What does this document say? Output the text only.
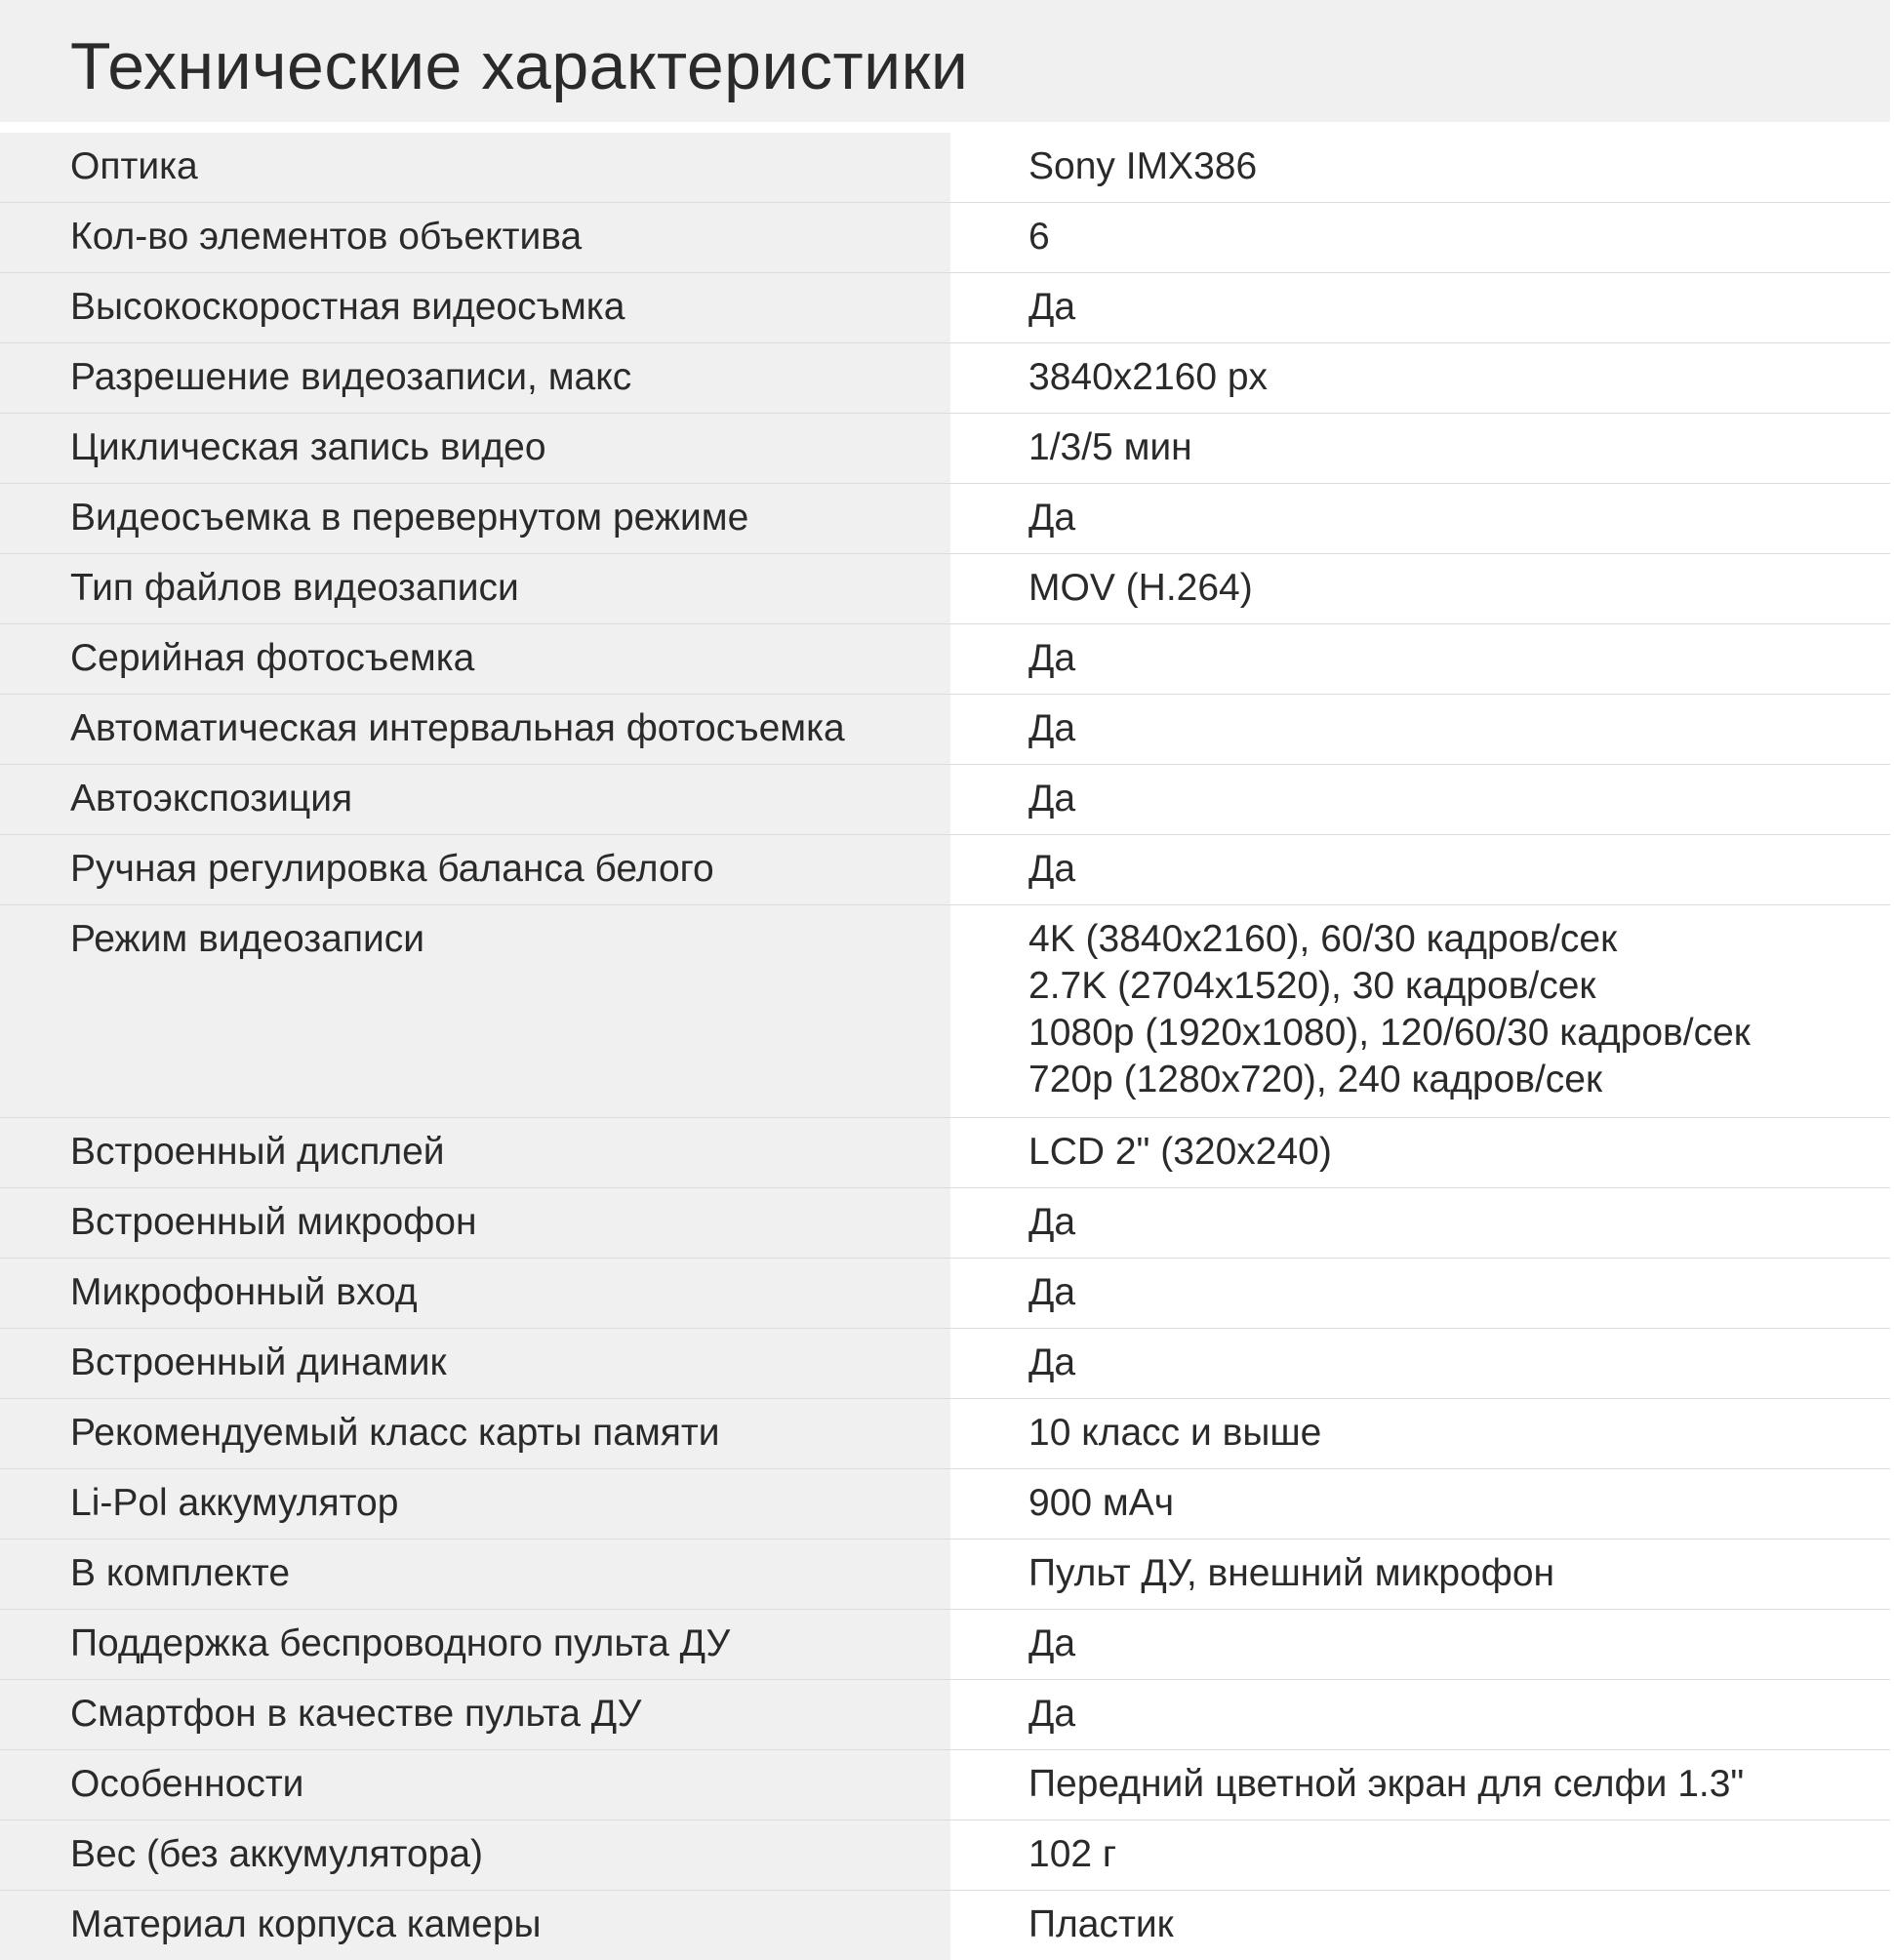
Технические характеристики
Оптика	Sony IMX386
Кол-во элементов объектива	6
Высокоскоростная видеосъмка	Да
Разрешение видеозаписи, макс	3840x2160 px
Циклическая запись видео	1/3/5 мин
Видеосъемка в перевернутом режиме	Да
Тип файлов видеозаписи	MOV (H.264)
Серийная фотосъемка	Да
Автоматическая интервальная фотосъемка	Да
Автоэкспозиция	Да
Ручная регулировка баланса белого	Да
Режим видеозаписи	4K (3840x2160), 60/30 кадров/сек
2.7K (2704x1520), 30 кадров/сек
1080p (1920x1080), 120/60/30 кадров/сек
720p (1280x720), 240 кадров/сек
Встроенный дисплей	LCD 2" (320x240)
Встроенный микрофон	Да
Микрофонный вход	Да
Встроенный динамик	Да
Рекомендуемый класс карты памяти	10 класс и выше
Li-Pol аккумулятор	900 мАч
В комплекте	Пульт ДУ, внешний микрофон
Поддержка беспроводного пульта ДУ	Да
Смартфон в качестве пульта ДУ	Да
Особенности	Передний цветной экран для селфи 1.3"
Вес (без аккумулятора)	102 г
Материал корпуса камеры	Пластик
